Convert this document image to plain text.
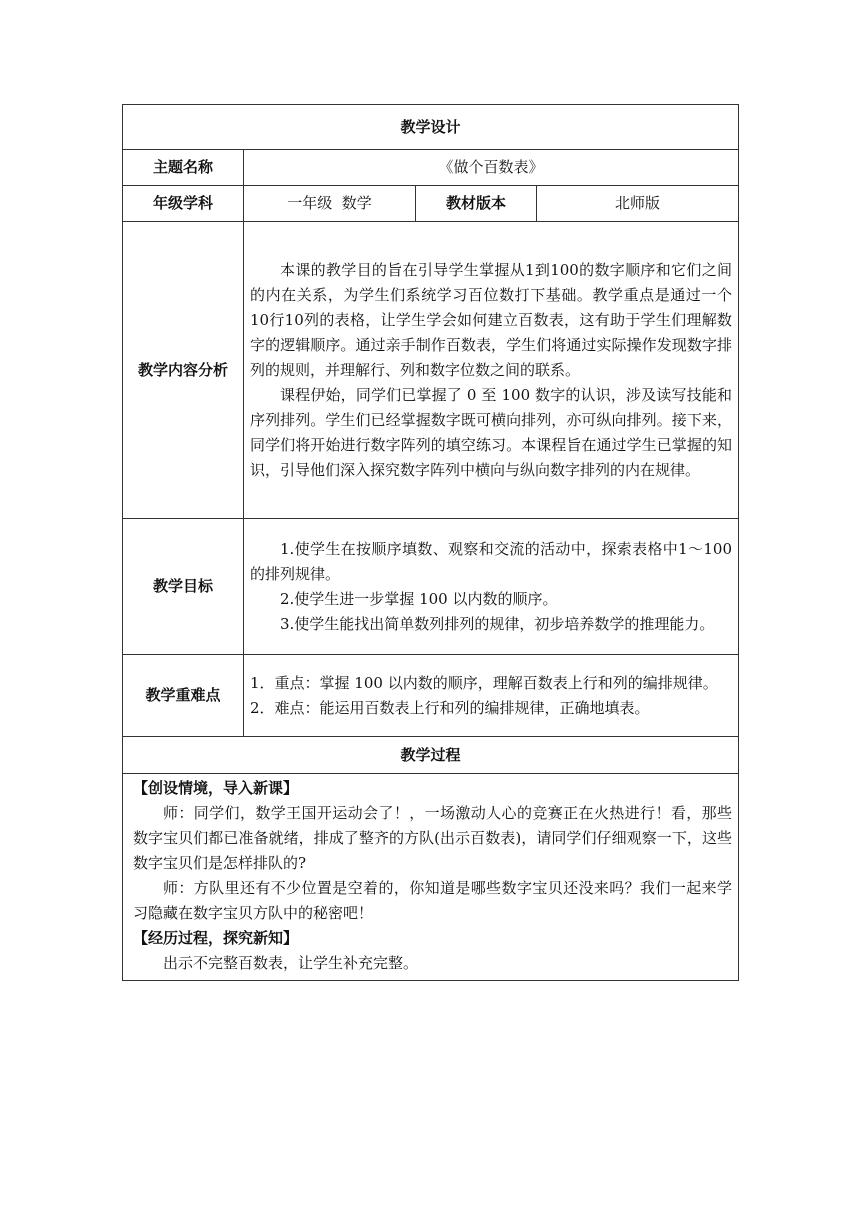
教学设计			
主题名称	《做个百数表》		
年级学科	一年级  数学	教材版本	北师版
教学内容分析	本课的教学目的旨在引导学生掌握从1到100的数字顺序和它们之间的内在关系，为学生们系统学习百位数打下基础。教学重点是通过一个10行10列的表格，让学生学会如何建立百数表，这有助于学生们理解数字的逻辑顺序。通过亲手制作百数表，学生们将通过实际操作发现数字排列的规则，并理解行、列和数字位数之间的联系。

课程伊始，同学们已掌握了 0 至 100 数字的认识，涉及读写技能和序列排列。学生们已经掌握数字既可横向排列，亦可纵向排列。接下来，同学们将开始进行数字阵列的填空练习。本课程旨在通过学生已掌握的知识，引导他们深入探究数字阵列中横向与纵向数字排列的内在规律。		

教学目标	1.使学生在按顺序填数、观察和交流的活动中，探索表格中1～100 的排列规律。

2.使学生进一步掌握 100 以内数的顺序。

3.使学生能找出简单数列排列的规律，初步培养数学的推理能力。		

教学重难点	1．重点：掌握 100 以内数的顺序，理解百数表上行和列的编排规律。

2．难点：能运用百数表上行和列的编排规律，正确地填表。		

教学过程			

【创设情境，导入新课】

师：同学们，数学王国开运动会了！，一场激动人心的竞赛正在火热进行！看，那些数字宝贝们都已准备就绪，排成了整齐的方队(出示百数表)，请同学们仔细观察一下，这些数字宝贝们是怎样排队的?

师：方队里还有不少位置是空着的，你知道是哪些数字宝贝还没来吗？我们一起来学习隐藏在数字宝贝方队中的秘密吧！

【经历过程，探究新知】

出示不完整百数表，让学生补充完整。			
